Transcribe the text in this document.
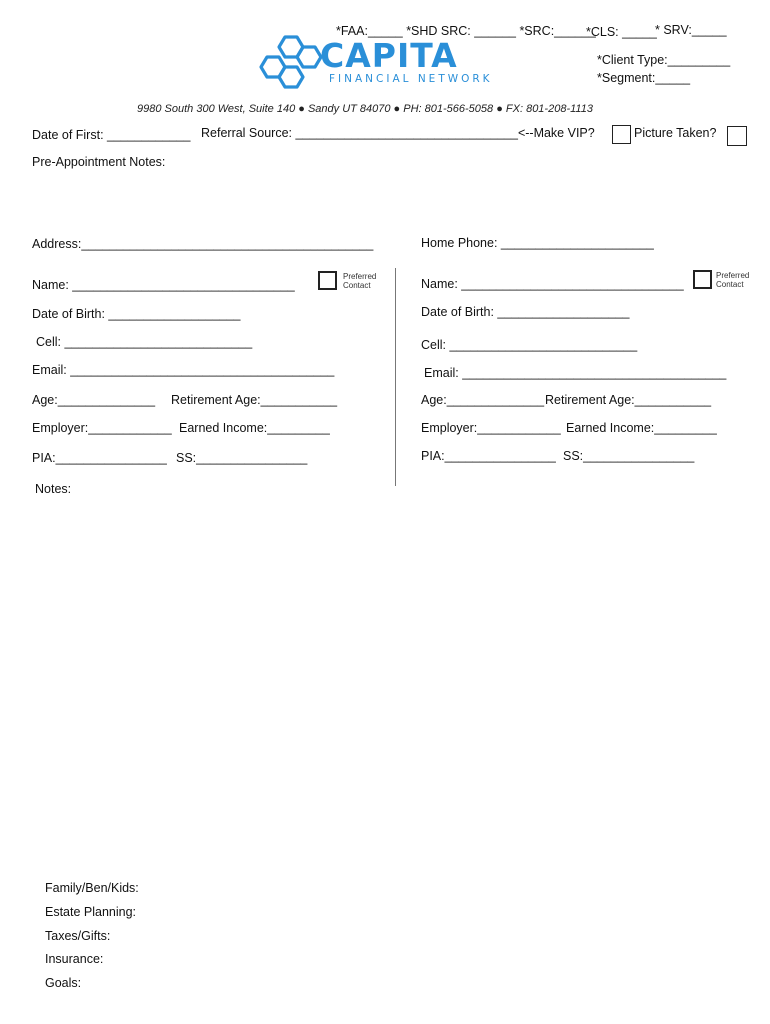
*FAA:_____ *SHD SRC: ______ *SRC:______
*CLS: _____
* SRV:_____
*Client Type:_________
*Segment:_____
CAPITA
FINANCIAL NETWORK
9980 South 300 West, Suite 140 ● Sandy UT 84070 ● PH: 801-566-5058 ● FX: 801-208-1113
Date of First: ____________ Referral Source: ________________________________<--Make VIP?	Picture Taken?
Pre-Appointment Notes:
Address:__________________________________________	Home Phone: ______________________
Name: ________________________________
Preferred
Contact
Date of Birth: ___________________
Cell: ___________________________
Email: ______________________________________
Age:______________ Retirement Age:___________
Employer:____________ Earned Income:_________
PIA:________________ SS:________________
Name: ________________________________
Preferred
Contact
Date of Birth: ___________________
Cell: ___________________________
Email: ______________________________________
Age:______________ Retirement Age:___________
Employer:____________ Earned Income:_________
PIA:________________ SS:________________
Notes:
Family/Ben/Kids:
Estate Planning:
Taxes/Gifts:
Insurance:
Goals:
